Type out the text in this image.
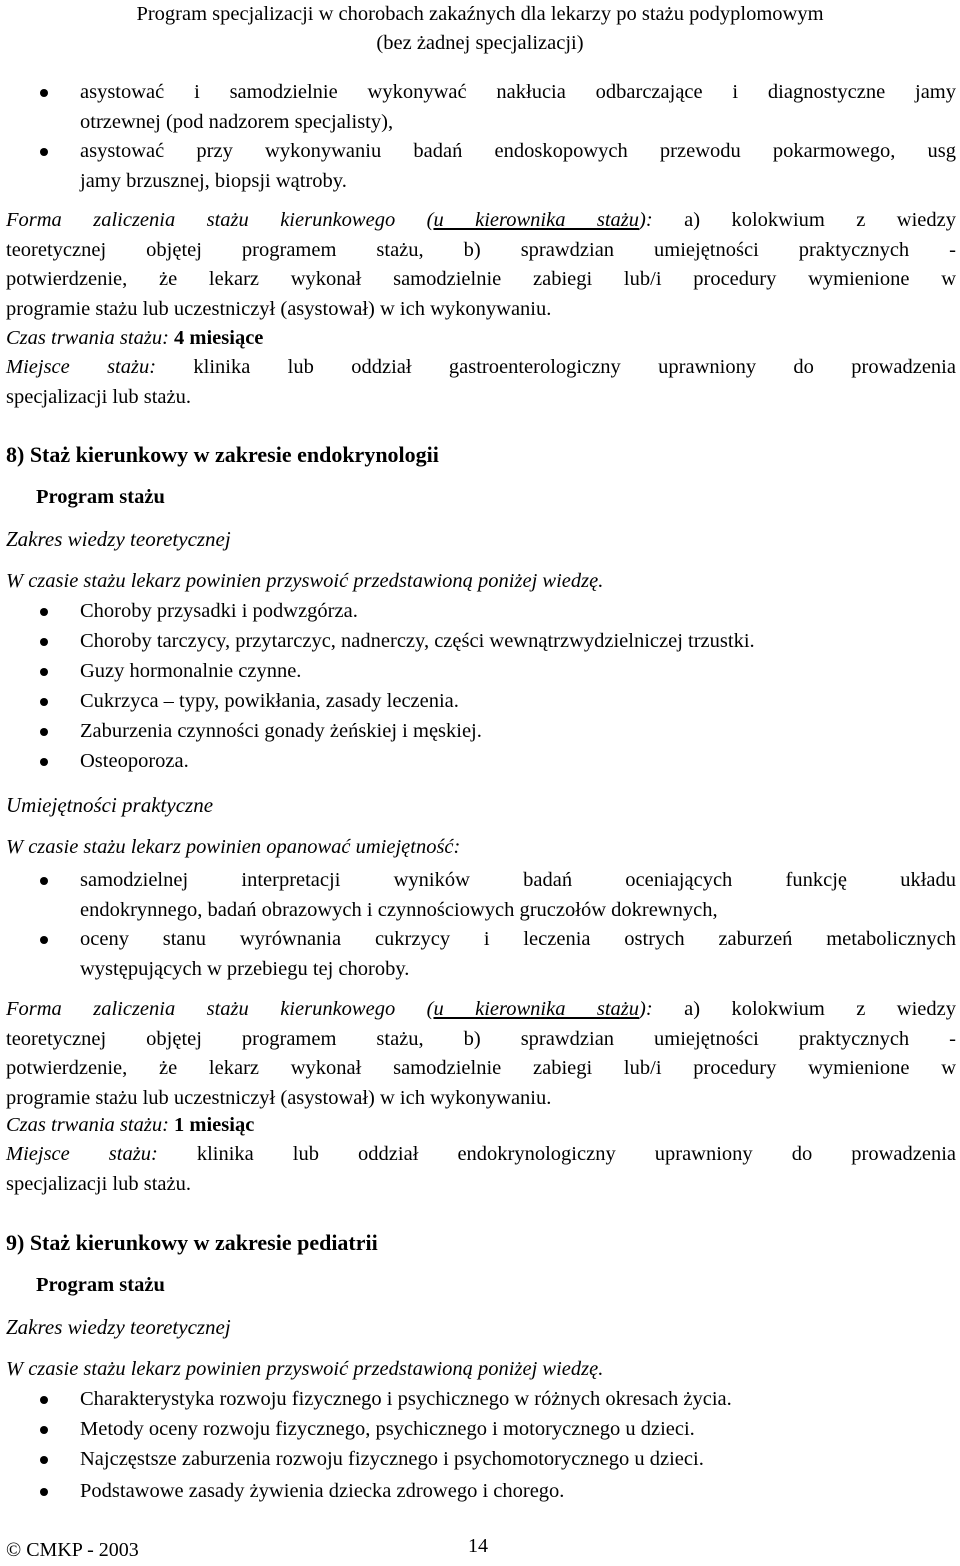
Program specjalizacji w chorobach zakaźnych dla lekarzy po stażu podyplomowym
(bez żadnej specjalizacji)
asystować i samodzielnie wykonywać nakłucia odbarczające i diagnostyczne jamy
otrzewnej (pod nadzorem specjalisty),
asystować przy wykonywaniu badań endoskopowych przewodu pokarmowego, usg
jamy brzusznej, biopsji wątroby.
Forma zaliczenia stażu kierunkowego (u kierownika stażu): a) kolokwium z wiedzy
teoretycznej objętej programem stażu, b) sprawdzian umiejętności praktycznych -
potwierdzenie, że lekarz wykonał samodzielnie zabiegi lub/i procedury wymienione w
programie stażu lub uczestniczył (asystował) w ich wykonywaniu.
Czas trwania stażu: 4 miesiące
Miejsce stażu: klinika lub oddział gastroenterologiczny uprawniony do prowadzenia
specjalizacji lub stażu.
8) Staż kierunkowy w zakresie endokrynologii
Program stażu
Zakres wiedzy teoretycznej
W czasie stażu lekarz powinien przyswoić przedstawioną poniżej wiedzę.
Choroby przysadki i podwzgórza.
Choroby tarczycy, przytarczyc, nadnerczy, części wewnątrzwydzielniczej trzustki.
Guzy hormonalnie czynne.
Cukrzyca – typy, powikłania, zasady leczenia.
Zaburzenia czynności gonady żeńskiej i męskiej.
Osteoporoza.
Umiejętności praktyczne
W czasie stażu lekarz powinien opanować umiejętność:
samodzielnej interpretacji wyników badań oceniających funkcję układu
endokrynnego, badań obrazowych i czynnościowych gruczołów dokrewnych,
oceny stanu wyrównania cukrzycy i leczenia ostrych zaburzeń metabolicznych
występujących w przebiegu tej choroby.
Forma zaliczenia stażu kierunkowego (u kierownika stażu): a) kolokwium z wiedzy
teoretycznej objętej programem stażu, b) sprawdzian umiejętności praktycznych -
potwierdzenie, że lekarz wykonał samodzielnie zabiegi lub/i procedury wymienione w
programie stażu lub uczestniczył (asystował) w ich wykonywaniu.
Czas trwania stażu: 1 miesiąc
Miejsce stażu: klinika lub oddział endokrynologiczny uprawniony do prowadzenia
specjalizacji lub stażu.
9) Staż kierunkowy w zakresie pediatrii
Program stażu
Zakres wiedzy teoretycznej
W czasie stażu lekarz powinien przyswoić przedstawioną poniżej wiedzę.
Charakterystyka rozwoju fizycznego i psychicznego w różnych okresach życia.
Metody oceny rozwoju fizycznego, psychicznego i motorycznego u dzieci.
Najczęstsze zaburzenia rozwoju fizycznego i psychomotorycznego u dzieci.
Podstawowe zasady żywienia dziecka zdrowego i chorego.
© CMKP - 2003	14
